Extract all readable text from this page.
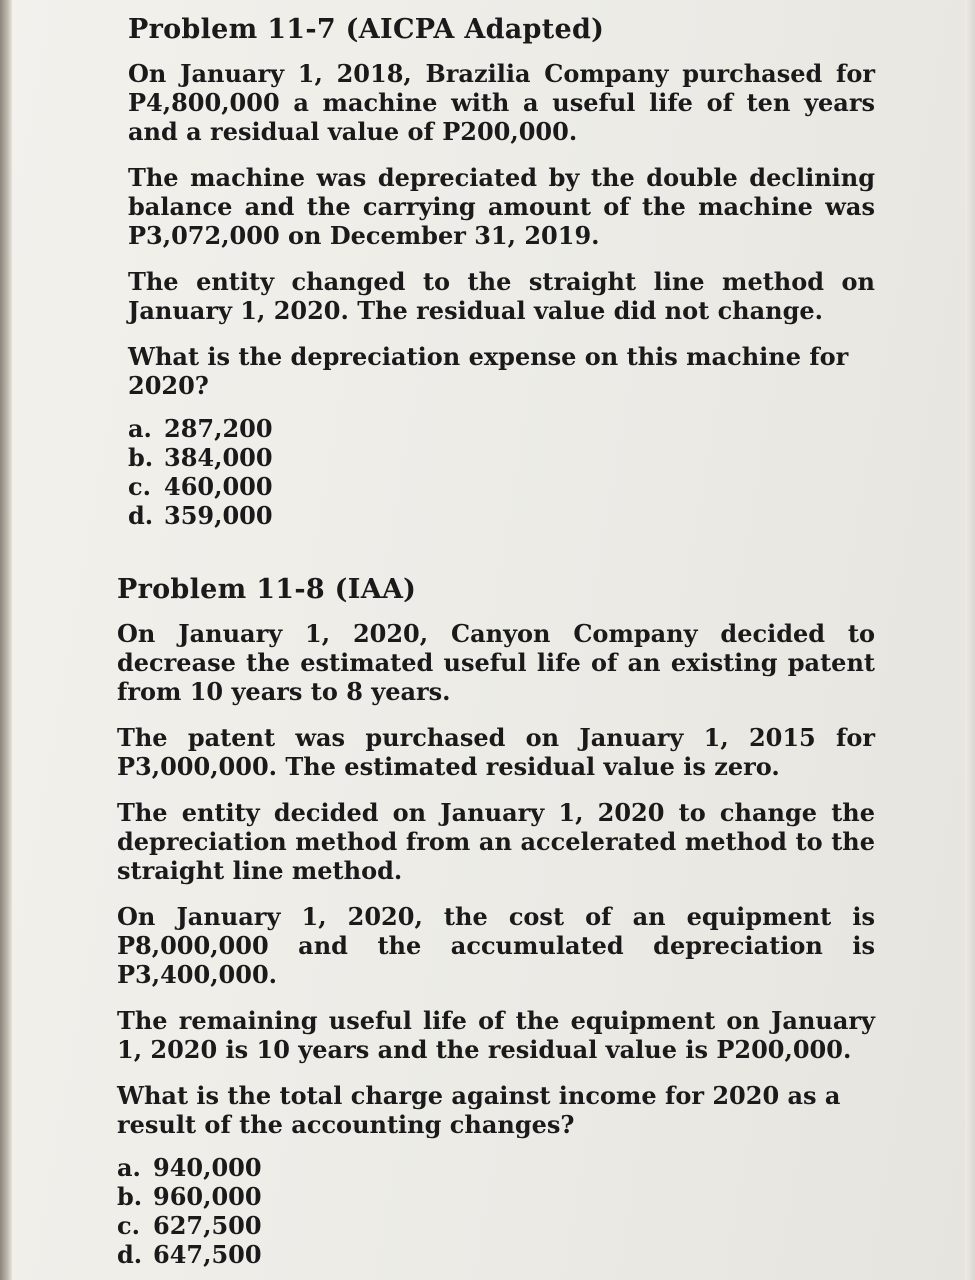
Problem 11-7 (AICPA Adapted)

On January 1, 2018, Brazilia Company purchased for P4,800,000 a machine with a useful life of ten years and a residual value of P200,000.

The machine was depreciated by the double declining balance and the carrying amount of the machine was P3,072,000 on December 31, 2019.

The entity changed to the straight line method on January 1, 2020. The residual value did not change.

What is the depreciation expense on this machine for 2020?

a. 287,200
b. 384,000
c. 460,000
d. 359,000
Problem 11-8 (IAA)

On January 1, 2020, Canyon Company decided to decrease the estimated useful life of an existing patent from 10 years to 8 years.

The patent was purchased on January 1, 2015 for P3,000,000. The estimated residual value is zero.

The entity decided on January 1, 2020 to change the depreciation method from an accelerated method to the straight line method.

On January 1, 2020, the cost of an equipment is P8,000,000 and the accumulated depreciation is P3,400,000.

The remaining useful life of the equipment on January 1, 2020 is 10 years and the residual value is P200,000.

What is the total charge against income for 2020 as a result of the accounting changes?

a. 940,000
b. 960,000
c. 627,500
d. 647,500
